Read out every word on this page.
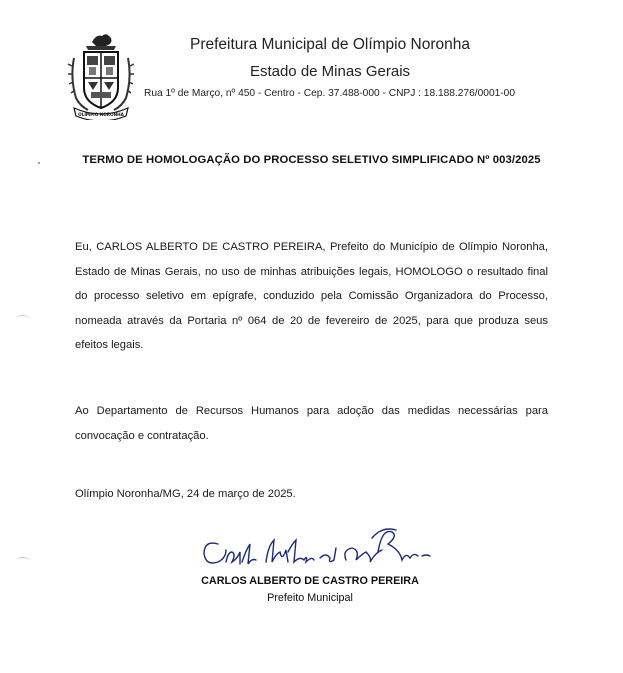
OLÍMPIO NORONHA
Prefeitura Municipal de Olímpio Noronha
Estado de Minas Gerais
Rua 1º de Março, nº 450 - Centro - Cep. 37.488-000 - CNPJ : 18.188.276/0001-00
TERMO DE HOMOLOGAÇÃO DO PROCESSO SELETIVO SIMPLIFICADO Nº 003/2025
Eu, CARLOS ALBERTO DE CASTRO PEREIRA, Prefeito do Município de Olímpio Noronha, Estado de Minas Gerais, no uso de minhas atribuições legais, HOMOLOGO o resultado final do processo seletivo em epígrafe, conduzido pela Comissão Organizadora do Processo, nomeada através da Portaria nº 064 de 20 de fevereiro de 2025, para que produza seus efeitos legais.
Ao Departamento de Recursos Humanos para adoção das medidas necessárias para convocação e contratação.
Olímpio Noronha/MG, 24 de março de 2025.
CARLOS ALBERTO DE CASTRO PEREIRA
Prefeito Municipal
